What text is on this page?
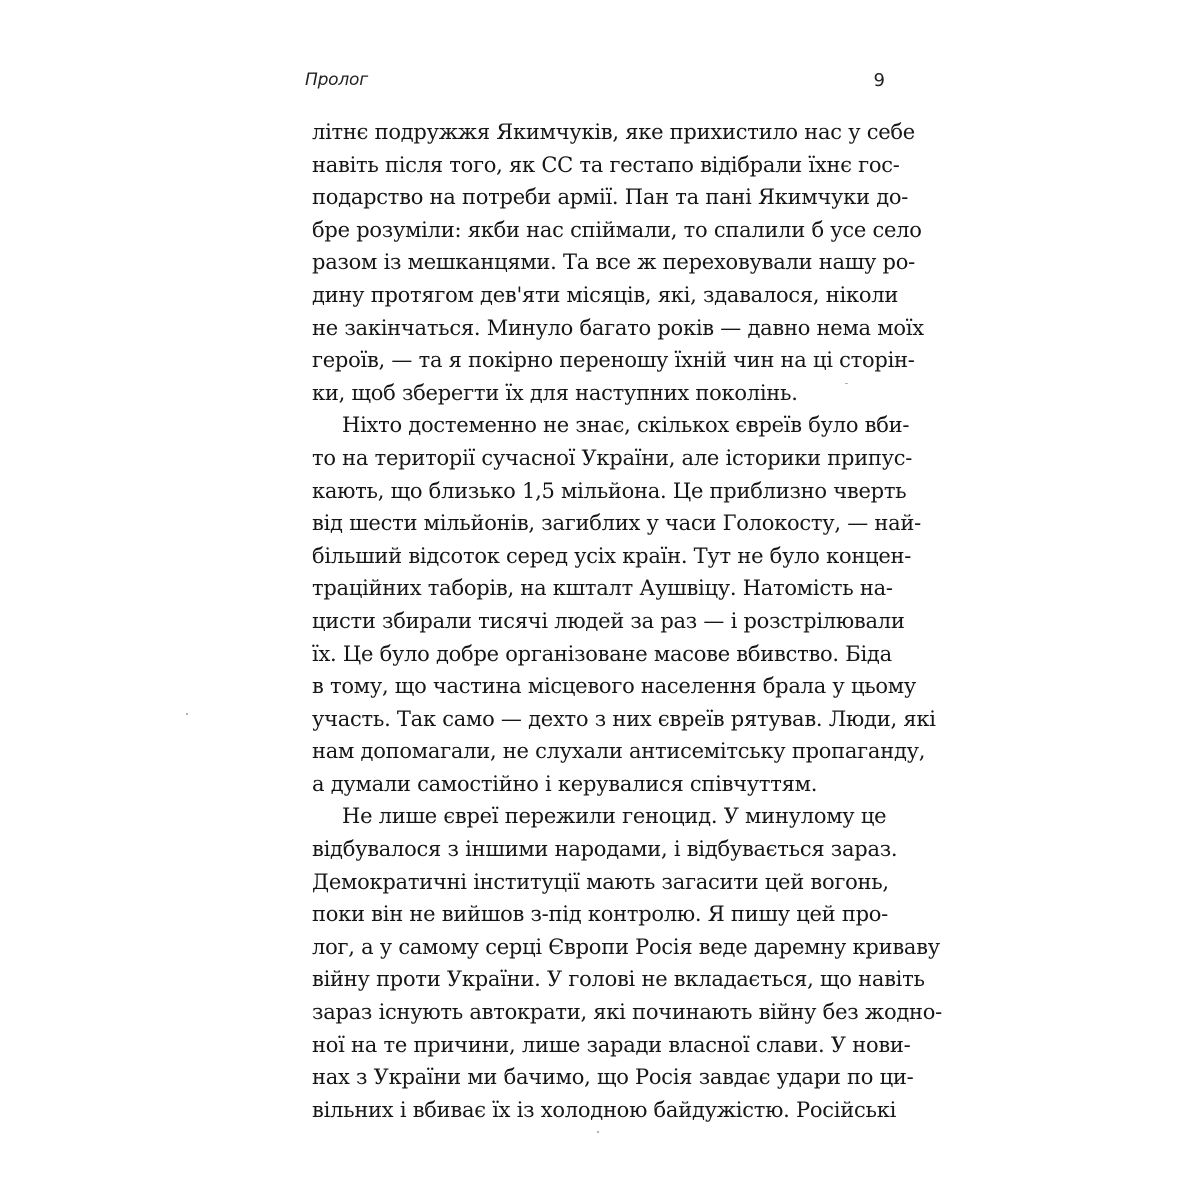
Пролог	9
літнє подружжя Якимчуків, яке прихистило нас у себе
навіть після того, як СС та гестапо відібрали їхнє гос-
подарство на потреби армії. Пан та пані Якимчуки до-
бре розуміли: якби нас спіймали, то спалили б усе село
разом із мешканцями. Та все ж переховували нашу ро-
дину протягом дев'яти місяців, які, здавалося, ніколи
не закінчаться. Минуло багато років — давно нема моїх
героїв, — та я покірно переношу їхній чин на ці сторін-
ки, щоб зберегти їх для наступних поколінь.
Ніхто достеменно не знає, скількох євреїв було вби-
то на території сучасної України, але історики припус-
кають, що близько 1,5 мільйона. Це приблизно чверть
від шести мільйонів, загиблих у часи Голокосту, — най-
більший відсоток серед усіх країн. Тут не було концен-
траційних таборів, на кшталт Аушвіцу. Натомість на-
цисти збирали тисячі людей за раз — і розстрілювали
їх. Це було добре організоване масове вбивство. Біда
в тому, що частина місцевого населення брала у цьому
участь. Так само — дехто з них євреїв рятував. Люди, які
нам допомагали, не слухали антисемітську пропаганду,
а думали самостійно і керувалися співчуттям.
Не лише євреї пережили геноцид. У минулому це
відбувалося з іншими народами, і відбувається зараз.
Демократичні інституції мають загасити цей вогонь,
поки він не вийшов з-під контролю. Я пишу цей про-
лог, а у самому серці Європи Росія веде даремну криваву
війну проти України. У голові не вкладається, що навіть
зараз існують автократи, які починають війну без жодно-
ної на те причини, лише заради власної слави. У нови-
нах з України ми бачимо, що Росія завдає удари по ци-
вільних і вбиває їх із холодною байдужістю. Російські
